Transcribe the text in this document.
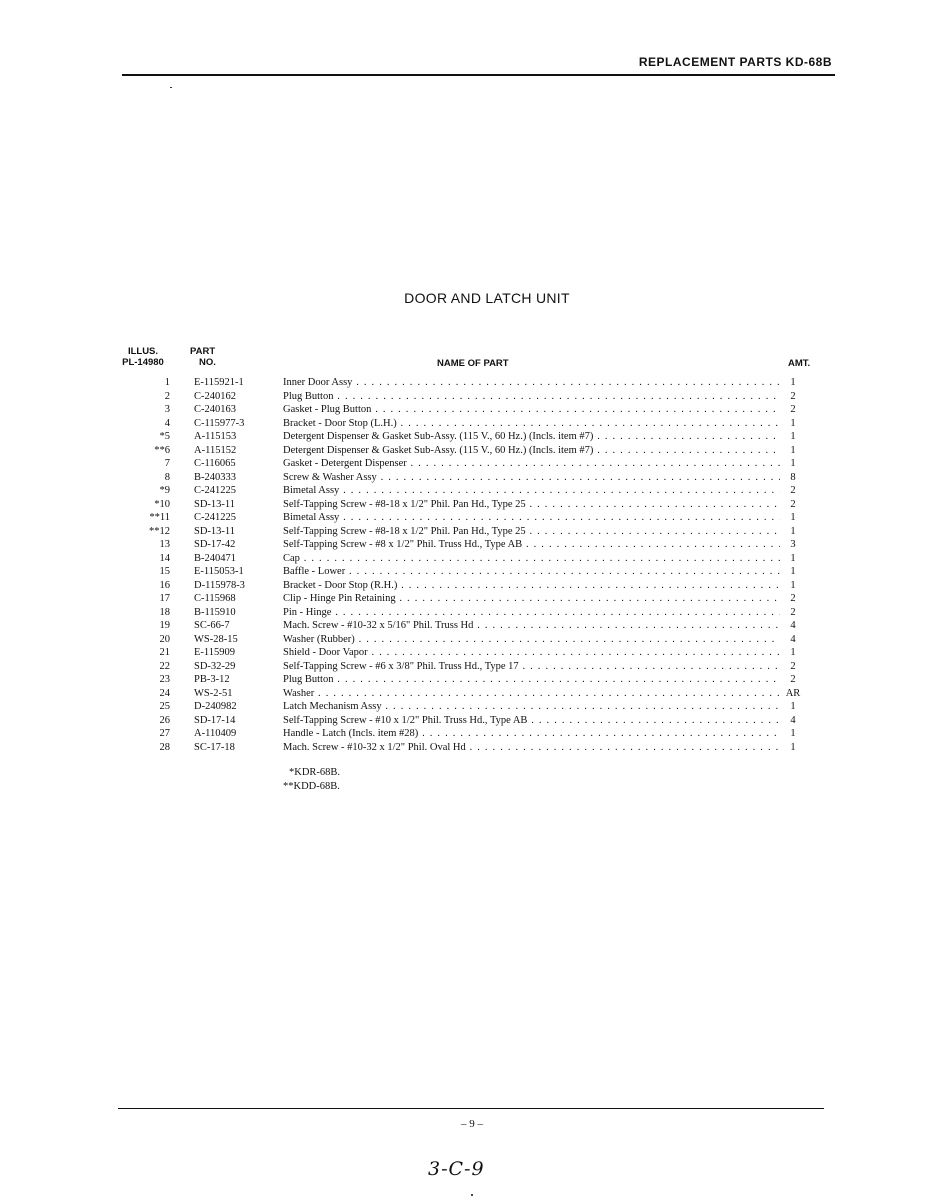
REPLACEMENT PARTS KD-68B
DOOR AND LATCH UNIT
ILLUS.
PL-14980
PART
NO.	NAME OF PART	AMT.
1 E-115921-1	Inner Door Assy . . .	1
2 C-240162	Plug Button . . .	2
3 C-240163	Gasket - Plug Button . . .	2
4 C-115977-3	Bracket - Door Stop (L.H.) . . .	1
*5 A-115153	Detergent Dispenser & Gasket Sub-Assy. (115 V., 60 Hz.) (Incls. item #7) . . .	1
**6 A-115152	Detergent Dispenser & Gasket Sub-Assy. (115 V., 60 Hz.) (Incls. item #7) . . .	1
7 C-116065	Gasket - Detergent Dispenser . . .	1
8 B-240333	Screw & Washer Assy . . .	8
*9 C-241225	Bimetal Assy . . .	2
*10 SD-13-11	Self-Tapping Screw - #8-18 x 1/2" Phil. Pan Hd., Type 25 . . .	2
**11 C-241225	Bimetal Assy . . .	1
**12 SD-13-11	Self-Tapping Screw - #8-18 x 1/2" Phil. Pan Hd., Type 25 . . .	1
13 SD-17-42	Self-Tapping Screw - #8 x 1/2" Phil. Truss Hd., Type AB . . .	3
14 B-240471	Cap . . .	1
15 E-115053-1	Baffle - Lower . . .	1
16 D-115978-3	Bracket - Door Stop (R.H.) . . .	1
17 C-115968	Clip - Hinge Pin Retaining . . .	2
18 B-115910	Pin - Hinge . . .	2
19 SC-66-7	Mach. Screw - #10-32 x 5/16" Phil. Truss Hd . . .	4
20 WS-28-15	Washer (Rubber) . . .	4
21 E-115909	Shield - Door Vapor . . .	1
22 SD-32-29	Self-Tapping Screw - #6 x 3/8" Phil. Truss Hd., Type 17 . . .	2
23 PB-3-12	Plug Button . . .	2
24 WS-2-51	Washer . . .	AR
25 D-240982	Latch Mechanism Assy . . .	1
26 SD-17-14	Self-Tapping Screw - #10 x 1/2" Phil. Truss Hd., Type AB . . .	4
27 A-110409	Handle - Latch (Incls. item #28) . . .	1
28 SC-17-18	Mach. Screw - #10-32 x 1/2" Phil. Oval Hd . . .	1
*KDR-68B.
**KDD-68B.
– 9 –
3-C-9
